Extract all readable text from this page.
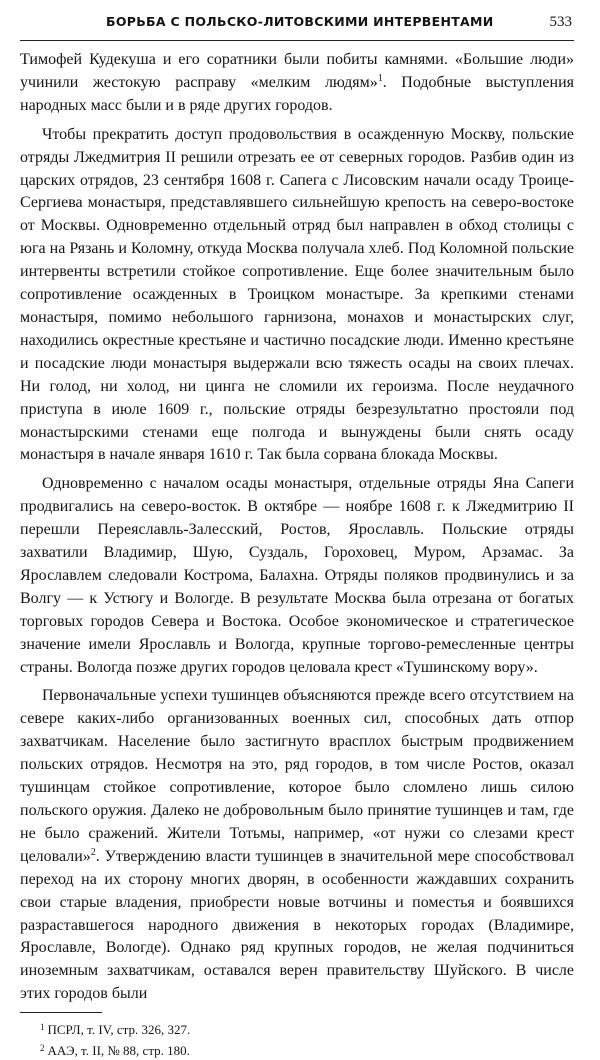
БОРЬБА С ПОЛЬСКО-ЛИТОВСКИМИ ИНТЕРВЕНТАМИ	533

Тимофей Кудекуша и его соратники были побиты камнями. «Большие люди» учинили жестокую расправу «мелким людям»$^1$. Подобные выступления народных масс были и в ряде других городов.

Чтобы прекратить доступ продовольствия в осажденную Москву, польские отряды Лжедмитрия II решили отрезать ее от северных городов. Разбив один из царских отрядов, 23 сентября 1608 г. Сапега с Лисовским начали осаду Троице-Сергиева монастыря, представлявшего сильнейшую крепость на северо-востоке от Москвы. Одновременно отдельный отряд был направлен в обход столицы с юга на Рязань и Коломну, откуда Москва получала хлеб. Под Коломной польские интервенты встретили стойкое сопротивление. Еще более значительным было сопротивление осажденных в Троицком монастыре. За крепкими стенами монастыря, помимо небольшого гарнизона, монахов и монастырских слуг, находились окрестные крестьяне и частично посадские люди. Именно крестьяне и посадские люди монастыря выдержали всю тяжесть осады на своих плечах. Ни голод, ни холод, ни цинга не сломили их героизма. После неудачного приступа в июле 1609 г., польские отряды безрезультатно простояли под монастырскими стенами еще полгода и вынуждены были снять осаду монастыря в начале января 1610 г. Так была сорвана блокада Москвы.

Одновременно с началом осады монастыря, отдельные отряды Яна Сапеги продвигались на северо-восток. В октябре — ноябре 1608 г. к Лжедмитрию II перешли Переяславль-Залесский, Ростов, Ярославль. Польские отряды захватили Владимир, Шую, Суздаль, Гороховец, Муром, Арзамас. За Ярославлем следовали Кострома, Балахна. Отряды поляков продвинулись и за Волгу — к Устюгу и Вологде. В результате Москва была отрезана от богатых торговых городов Севера и Востока. Особое экономическое и стратегическое значение имели Ярославль и Вологда, крупные торгово-ремесленные центры страны. Вологда позже других городов целовала крест «Тушинскому вору».

Первоначальные успехи тушинцев объясняются прежде всего отсутствием на севере каких-либо организованных военных сил, способных дать отпор захватчикам. Население было застигнуто врасплох быстрым продвижением польских отрядов. Несмотря на это, ряд городов, в том числе Ростов, оказал тушинцам стойкое сопротивление, которое было сломлено лишь силою польского оружия. Далеко не добровольным было принятие тушинцев и там, где не было сражений. Жители Тотьмы, например, «от нужи со слезами крест целовали»$^2$. Утверждению власти тушинцев в значительной мере способствовал переход на их сторону многих дворян, в особенности жаждавших сохранить свои старые владения, приобрести новые вотчины и поместья и боявшихся разраставшегося народного движения в некоторых городах (Владимире, Ярославле, Вологде). Однако ряд крупных городов, не желая подчиниться иноземным захватчикам, оставался верен правительству Шуйского. В числе этих городов были

$^1$ ПСРЛ, т. IV, стр. 326, 327.
$^2$ ААЭ, т. II, № 88, стр. 180.
